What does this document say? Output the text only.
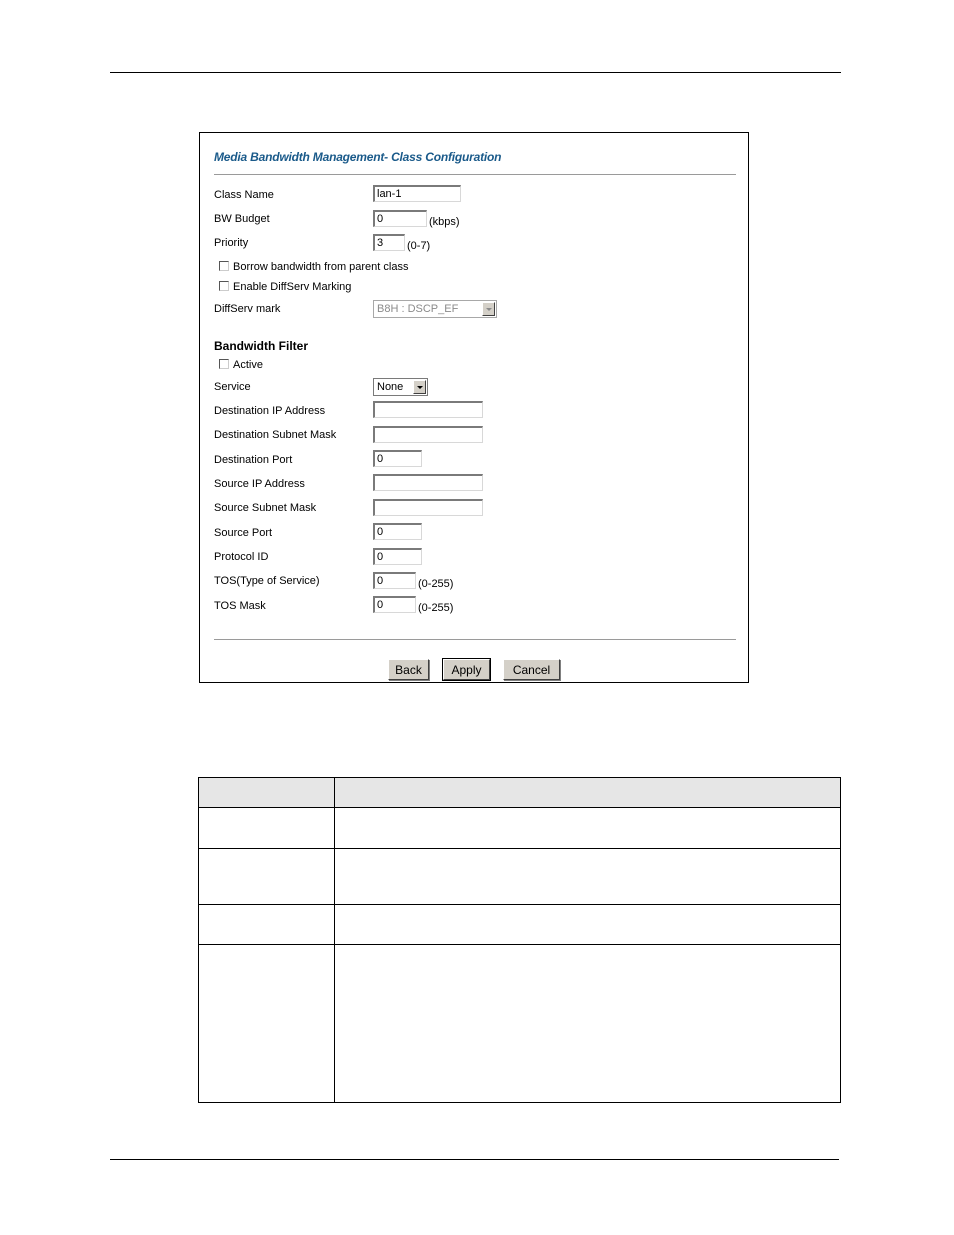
Media Bandwidth Management- Class Configuration
Class Name	lan-1
BW Budget	0	(kbps)
Priority	3	(0-7)
Borrow bandwidth from parent class
Enable DiffServ Marking
DiffServ mark	B8H : DSCP_EF
Bandwidth Filter
Active
Service	None
Destination IP Address
Destination Subnet Mask
Destination Port	0
Source IP Address
Source Subnet Mask
Source Port	0
Protocol ID	0
TOS(Type of Service)	0	(0-255)
TOS Mask	0	(0-255)
Back	Apply	Cancel
